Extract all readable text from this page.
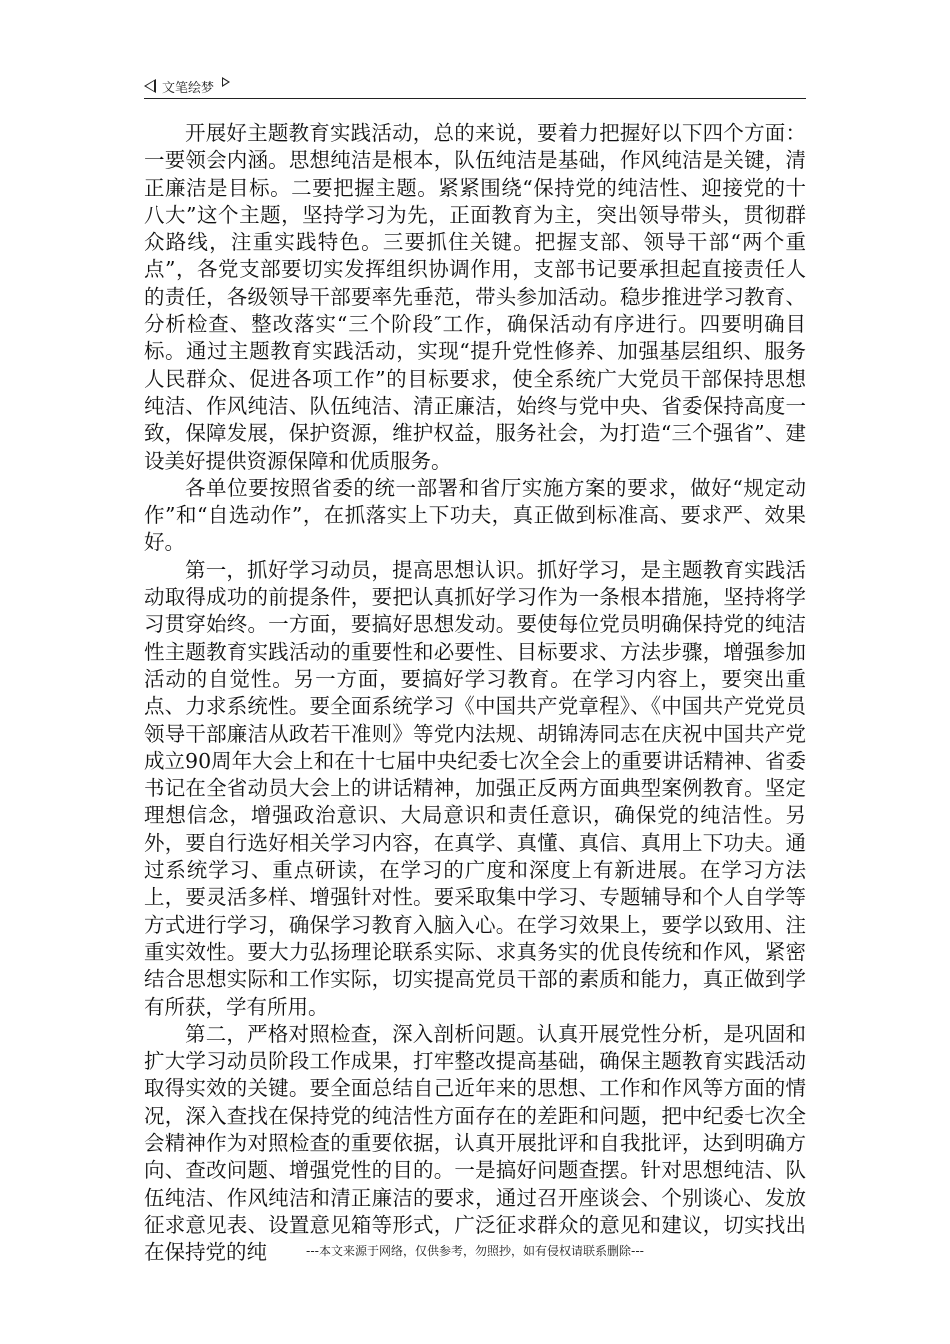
文笔绘梦

开展好主题教育实践活动，总的来说，要着力把握好以下四个方面：一要领会内涵。思想纯洁是根本，队伍纯洁是基础，作风纯洁是关键，清正廉洁是目标。二要把握主题。紧紧围绕“保持党的纯洁性、迎接党的十八大”这个主题，坚持学习为先，正面教育为主，突出领导带头，贯彻群众路线，注重实践特色。三要抓住关键。把握支部、领导干部“两个重点”，各党支部要切实发挥组织协调作用，支部书记要承担起直接责任人的责任，各级领导干部要率先垂范，带头参加活动。稳步推进学习教育、分析检查、整改落实“三个阶段″工作，确保活动有序进行。四要明确目标。通过主题教育实践活动，实现“提升党性修养、加强基层组织、服务人民群众、促进各项工作”的目标要求，使全系统广大党员干部保持思想纯洁、作风纯洁、队伍纯洁、清正廉洁，始终与党中央、省委保持高度一致，保障发展，保护资源，维护权益，服务社会，为打造“三个强省”、建设美好提供资源保障和优质服务。

各单位要按照省委的统一部署和省厅实施方案的要求，做好“规定动作”和“自选动作”，在抓落实上下功夫，真正做到标准高、要求严、效果好。

第一，抓好学习动员，提高思想认识。抓好学习，是主题教育实践活动取得成功的前提条件，要把认真抓好学习作为一条根本措施，坚持将学习贯穿始终。一方面，要搞好思想发动。要使每位党员明确保持党的纯洁性主题教育实践活动的重要性和必要性、目标要求、方法步骤，增强参加活动的自觉性。另一方面，要搞好学习教育。在学习内容上，要突出重点、力求系统性。要全面系统学习《中国共产党章程》、《中国共产党党员领导干部廉洁从政若干准则》等党内法规、胡锦涛同志在庆祝中国共产党成立90周年大会上和在十七届中央纪委七次全会上的重要讲话精神、省委书记在全省动员大会上的讲话精神，加强正反两方面典型案例教育。坚定理想信念，增强政治意识、大局意识和责任意识，确保党的纯洁性。另外，要自行选好相关学习内容，在真学、真懂、真信、真用上下功夫。通过系统学习、重点研读，在学习的广度和深度上有新进展。在学习方法上，要灵活多样、增强针对性。要采取集中学习、专题辅导和个人自学等方式进行学习，确保学习教育入脑入心。在学习效果上，要学以致用、注重实效性。要大力弘扬理论联系实际、求真务实的优良传统和作风，紧密结合思想实际和工作实际，切实提高党员干部的素质和能力，真正做到学有所获，学有所用。

第二，严格对照检查，深入剖析问题。认真开展党性分析，是巩固和扩大学习动员阶段工作成果，打牢整改提高基础，确保主题教育实践活动取得实效的关键。要全面总结自己近年来的思想、工作和作风等方面的情况，深入查找在保持党的纯洁性方面存在的差距和问题，把中纪委七次全会精神作为对照检查的重要依据，认真开展批评和自我批评，达到明确方向、查改问题、增强党性的目的。一是搞好问题查摆。针对思想纯洁、队伍纯洁、作风纯洁和清正廉洁的要求，通过召开座谈会、个别谈心、发放征求意见表、设置意见箱等形式，广泛征求群众的意见和建议，切实找出在保持党的纯	---本文来源于网络，仅供参考，勿照抄，如有侵权请联系删除---
